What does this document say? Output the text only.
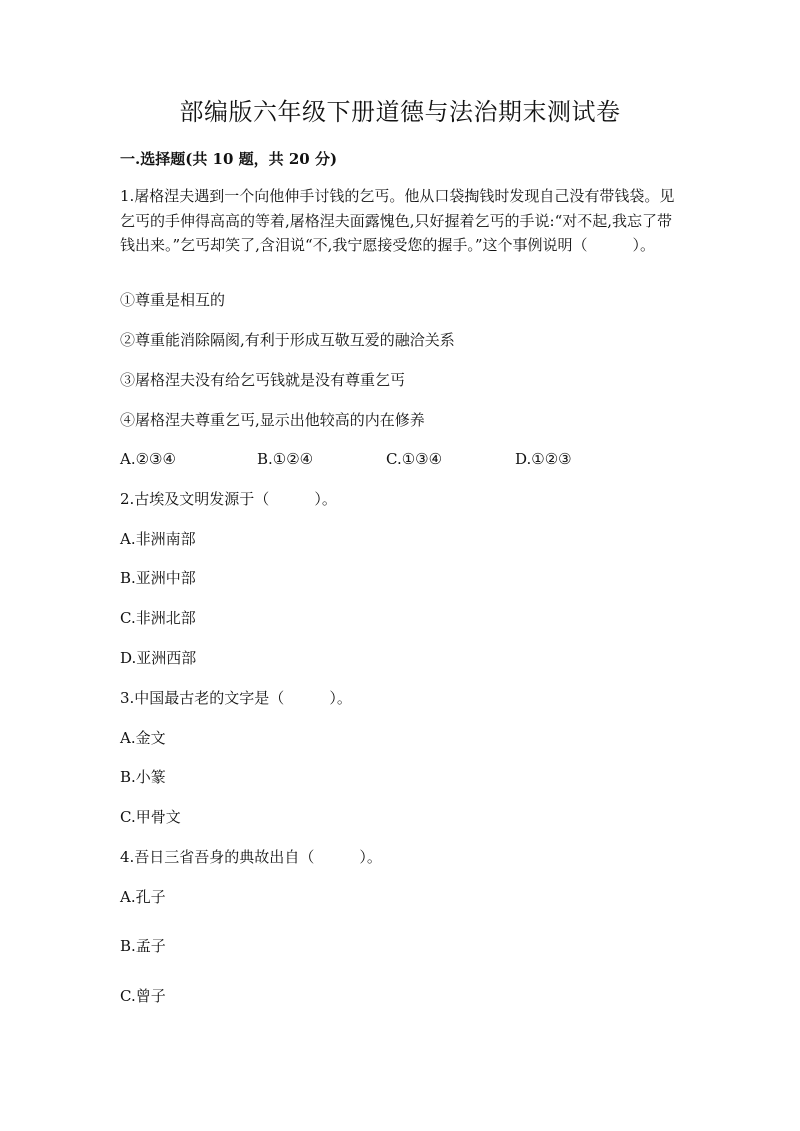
部编版六年级下册道德与法治期末测试卷
一.选择题(共 10 题，共 20 分)

1.屠格涅夫遇到一个向他伸手讨钱的乞丐。他从口袋掏钱时发现自己没有带钱袋。见乞丐的手伸得高高的等着,屠格涅夫面露愧色,只好握着乞丐的手说:“对不起,我忘了带钱出来。”乞丐却笑了,含泪说“不,我宁愿接受您的握手。”这个事例说明（　　　）。

①尊重是相互的
②尊重能消除隔阂,有利于形成互敬互爱的融洽关系
③屠格涅夫没有给乞丐钱就是没有尊重乞丐
④屠格涅夫尊重乞丐,显示出他较高的内在修养
A.②③④	B.①②④	C.①③④	D.①②③
2.古埃及文明发源于（　　　）。
A.非洲南部
B.亚洲中部
C.非洲北部
D.亚洲西部
3.中国最古老的文字是（　　　）。
A.金文
B.小篆
C.甲骨文
4.吾日三省吾身的典故出自（　　　）。
A.孔子
B.孟子
C.曾子
